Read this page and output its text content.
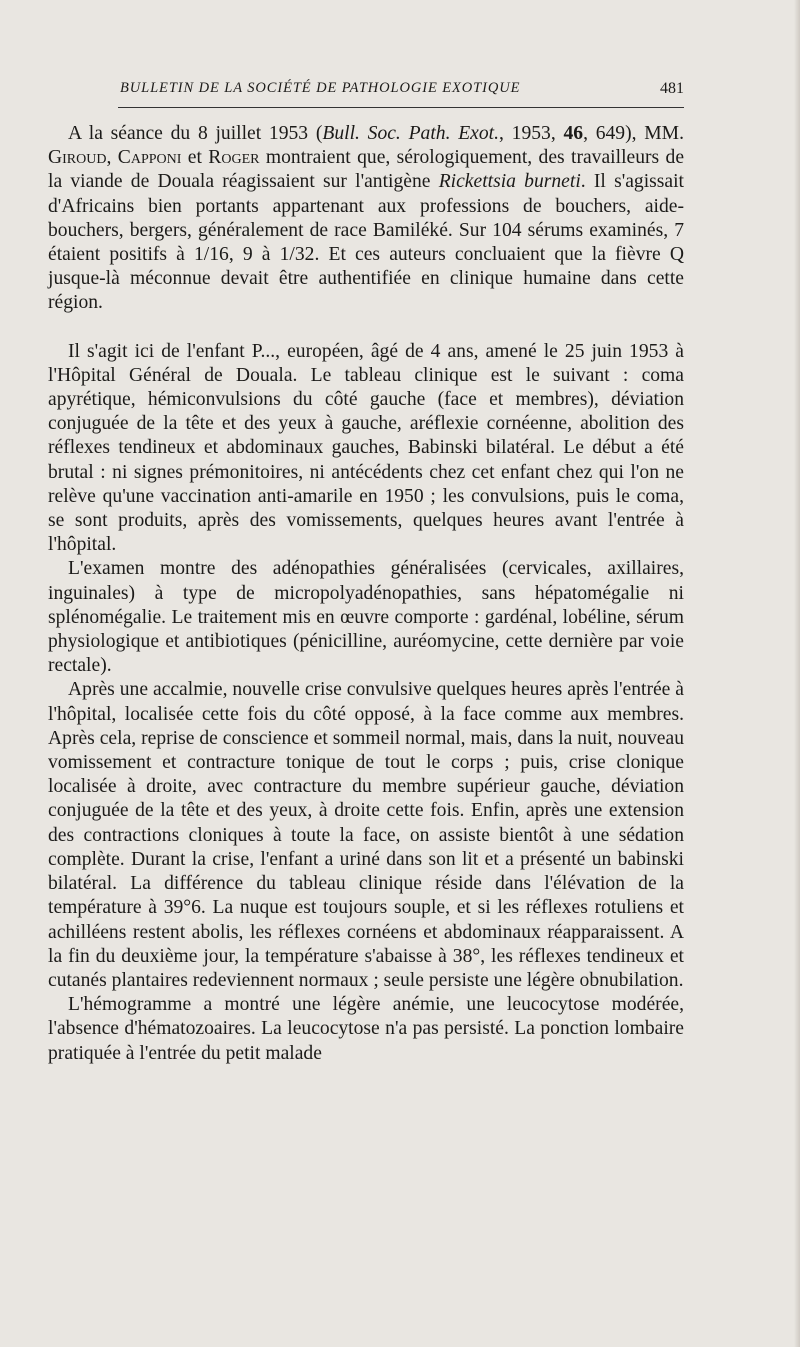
BULLETIN DE LA SOCIÉTÉ DE PATHOLOGIE EXOTIQUE	481

A la séance du 8 juillet 1953 (Bull. Soc. Path. Exot., 1953, 46, 649), MM. Giroud, Capponi et Roger montraient que, sérologiquement, des travailleurs de la viande de Douala réagissaient sur l'antigène Rickettsia burneti. Il s'agissait d'Africains bien portants appartenant aux professions de bouchers, aide-bouchers, bergers, généralement de race Bamiléké. Sur 104 sérums examinés, 7 étaient positifs à 1/16, 9 à 1/32. Et ces auteurs concluaient que la fièvre Q jusque-là méconnue devait être authentifiée en clinique humaine dans cette région.

Il s'agit ici de l'enfant P..., européen, âgé de 4 ans, amené le 25 juin 1953 à l'Hôpital Général de Douala. Le tableau clinique est le suivant : coma apyrétique, hémiconvulsions du côté gauche (face et membres), déviation conjuguée de la tête et des yeux à gauche, aréflexie cornéenne, abolition des réflexes tendineux et abdominaux gauches, Babinski bilatéral. Le début a été brutal : ni signes prémonitoires, ni antécédents chez cet enfant chez qui l'on ne relève qu'une vaccination anti-amarile en 1950 ; les convulsions, puis le coma, se sont produits, après des vomissements, quelques heures avant l'entrée à l'hôpital.

L'examen montre des adénopathies généralisées (cervicales, axillaires, inguinales) à type de micropolyadénopathies, sans hépatomégalie ni splénomégalie. Le traitement mis en œuvre comporte : gardénal, lobéline, sérum physiologique et antibiotiques (pénicilline, auréomycine, cette dernière par voie rectale).

Après une accalmie, nouvelle crise convulsive quelques heures après l'entrée à l'hôpital, localisée cette fois du côté opposé, à la face comme aux membres. Après cela, reprise de conscience et sommeil normal, mais, dans la nuit, nouveau vomissement et contracture tonique de tout le corps ; puis, crise clonique localisée à droite, avec contracture du membre supérieur gauche, déviation conjuguée de la tête et des yeux, à droite cette fois. Enfin, après une extension des contractions cloniques à toute la face, on assiste bientôt à une sédation complète. Durant la crise, l'enfant a uriné dans son lit et a présenté un babinski bilatéral. La différence du tableau clinique réside dans l'élévation de la température à 39°6. La nuque est toujours souple, et si les réflexes rotuliens et achilléens restent abolis, les réflexes cornéens et abdominaux réapparaissent. A la fin du deuxième jour, la température s'abaisse à 38°, les réflexes tendineux et cutanés plantaires redeviennent normaux ; seule persiste une légère obnubilation.

L'hémogramme a montré une légère anémie, une leucocytose modérée, l'absence d'hématozoaires. La leucocytose n'a pas persisté. La ponction lombaire pratiquée à l'entrée du petit malade
